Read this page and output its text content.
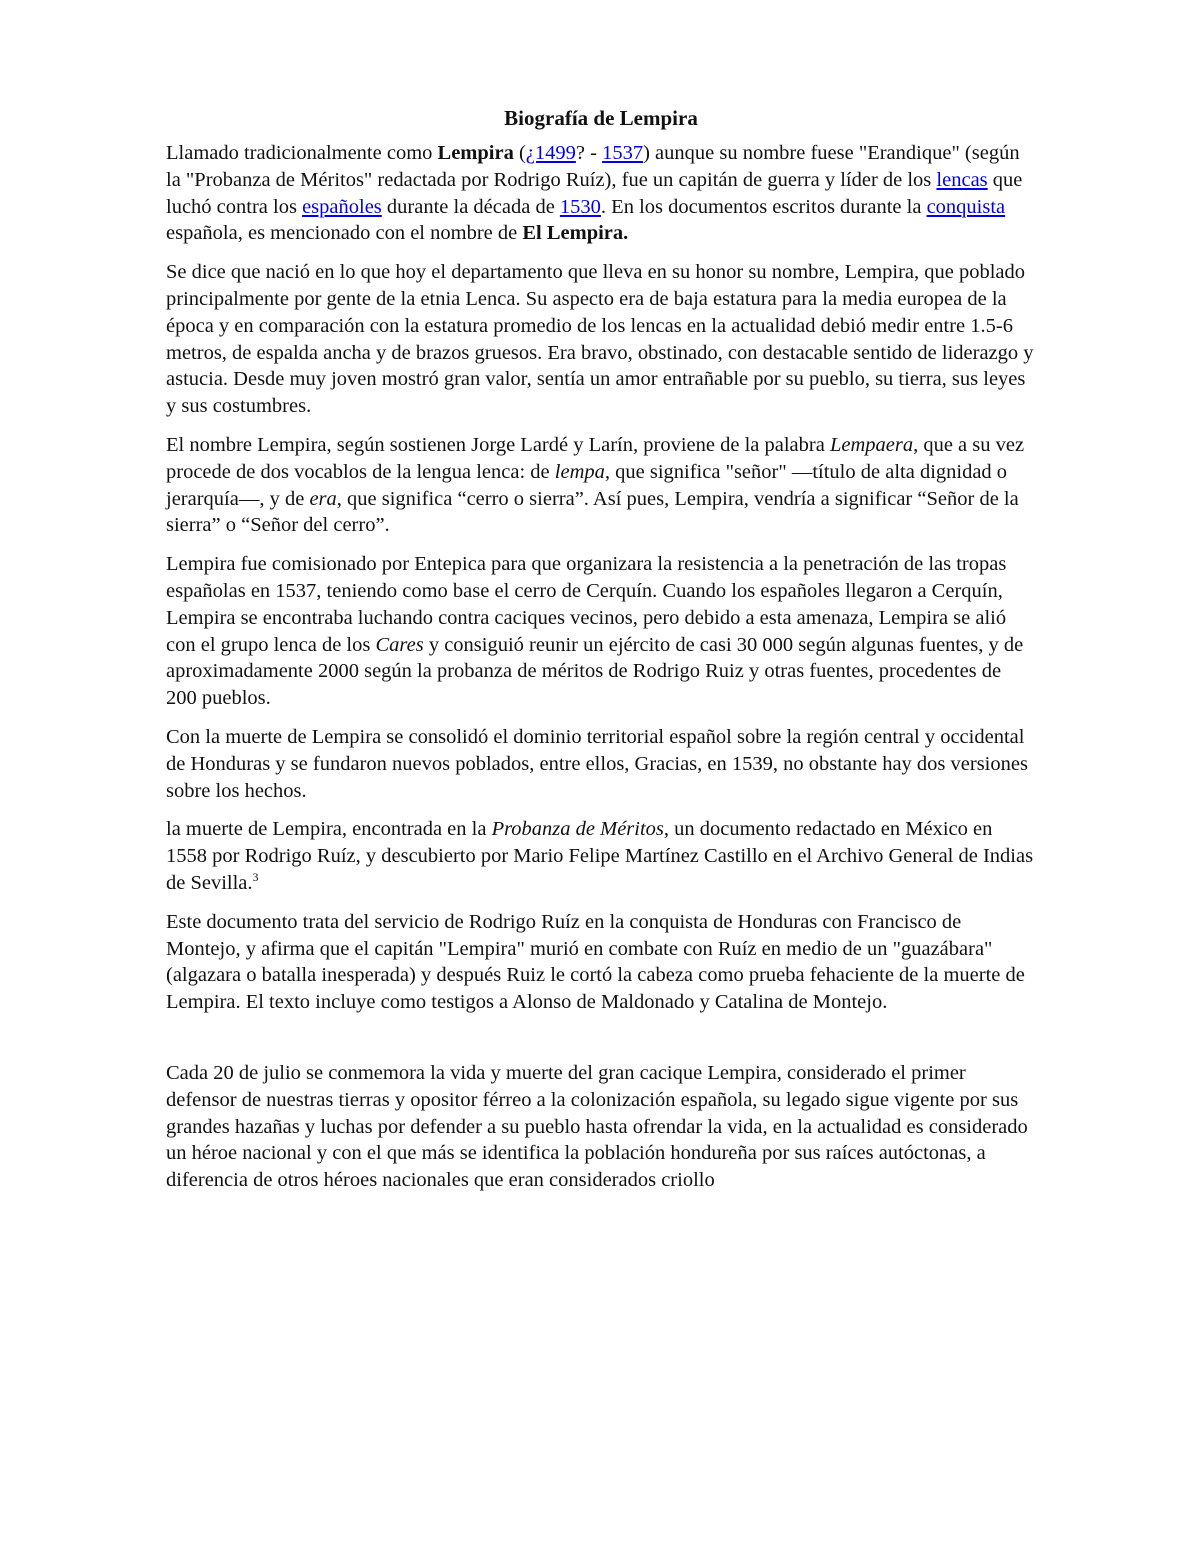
Biografía de Lempira

Llamado tradicionalmente como Lempira (¿1499? - 1537) aunque su nombre fuese "Erandique" (según la "Probanza de Méritos" redactada por Rodrigo Ruíz), fue un capitán de guerra y líder de los lencas que luchó contra los españoles durante la década de 1530. En los documentos escritos durante la conquista española, es mencionado con el nombre de El Lempira.

Se dice que nació en lo que hoy el departamento que lleva en su honor su nombre, Lempira, que poblado principalmente por gente de la etnia Lenca. Su aspecto era de baja estatura para la media europea de la época y en comparación con la estatura promedio de los lencas en la actualidad debió medir entre 1.5-6 metros, de espalda ancha y de brazos gruesos. Era bravo, obstinado, con destacable sentido de liderazgo y astucia. Desde muy joven mostró gran valor, sentía un amor entrañable por su pueblo, su tierra, sus leyes y sus costumbres.

El nombre Lempira, según sostienen Jorge Lardé y Larín, proviene de la palabra Lempaera, que a su vez procede de dos vocablos de la lengua lenca: de lempa, que significa "señor" —título de alta dignidad o jerarquía—, y de era, que significa “cerro o sierra”. Así pues, Lempira, vendría a significar “Señor de la sierra” o “Señor del cerro”.

Lempira fue comisionado por Entepica para que organizara la resistencia a la penetración de las tropas españolas en 1537, teniendo como base el cerro de Cerquín. Cuando los españoles llegaron a Cerquín, Lempira se encontraba luchando contra caciques vecinos, pero debido a esta amenaza, Lempira se alió con el grupo lenca de los Cares y consiguió reunir un ejército de casi 30 000 según algunas fuentes, y de aproximadamente 2000 según la probanza de méritos de Rodrigo Ruiz y otras fuentes, procedentes de 200 pueblos.

Con la muerte de Lempira se consolidó el dominio territorial español sobre la región central y occidental de Honduras y se fundaron nuevos poblados, entre ellos, Gracias, en 1539, no obstante hay dos versiones sobre los hechos.

la muerte de Lempira, encontrada en la Probanza de Méritos, un documento redactado en México en 1558 por Rodrigo Ruíz, y descubierto por Mario Felipe Martínez Castillo en el Archivo General de Indias de Sevilla.$^3$

Este documento trata del servicio de Rodrigo Ruíz en la conquista de Honduras con Francisco de Montejo, y afirma que el capitán "Lempira" murió en combate con Ruíz en medio de un "guazábara" (algazara o batalla inesperada) y después Ruiz le cortó la cabeza como prueba fehaciente de la muerte de Lempira. El texto incluye como testigos a Alonso de Maldonado y Catalina de Montejo.

Cada 20 de julio se conmemora la vida y muerte del gran cacique Lempira, considerado el primer defensor de nuestras tierras y opositor férreo a la colonización española, su legado sigue vigente por sus grandes hazañas y luchas por defender a su pueblo hasta ofrendar la vida, en la actualidad es considerado un héroe nacional y con el que más se identifica la población hondureña por sus raíces autóctonas, a diferencia de otros héroes nacionales que eran considerados criollo
